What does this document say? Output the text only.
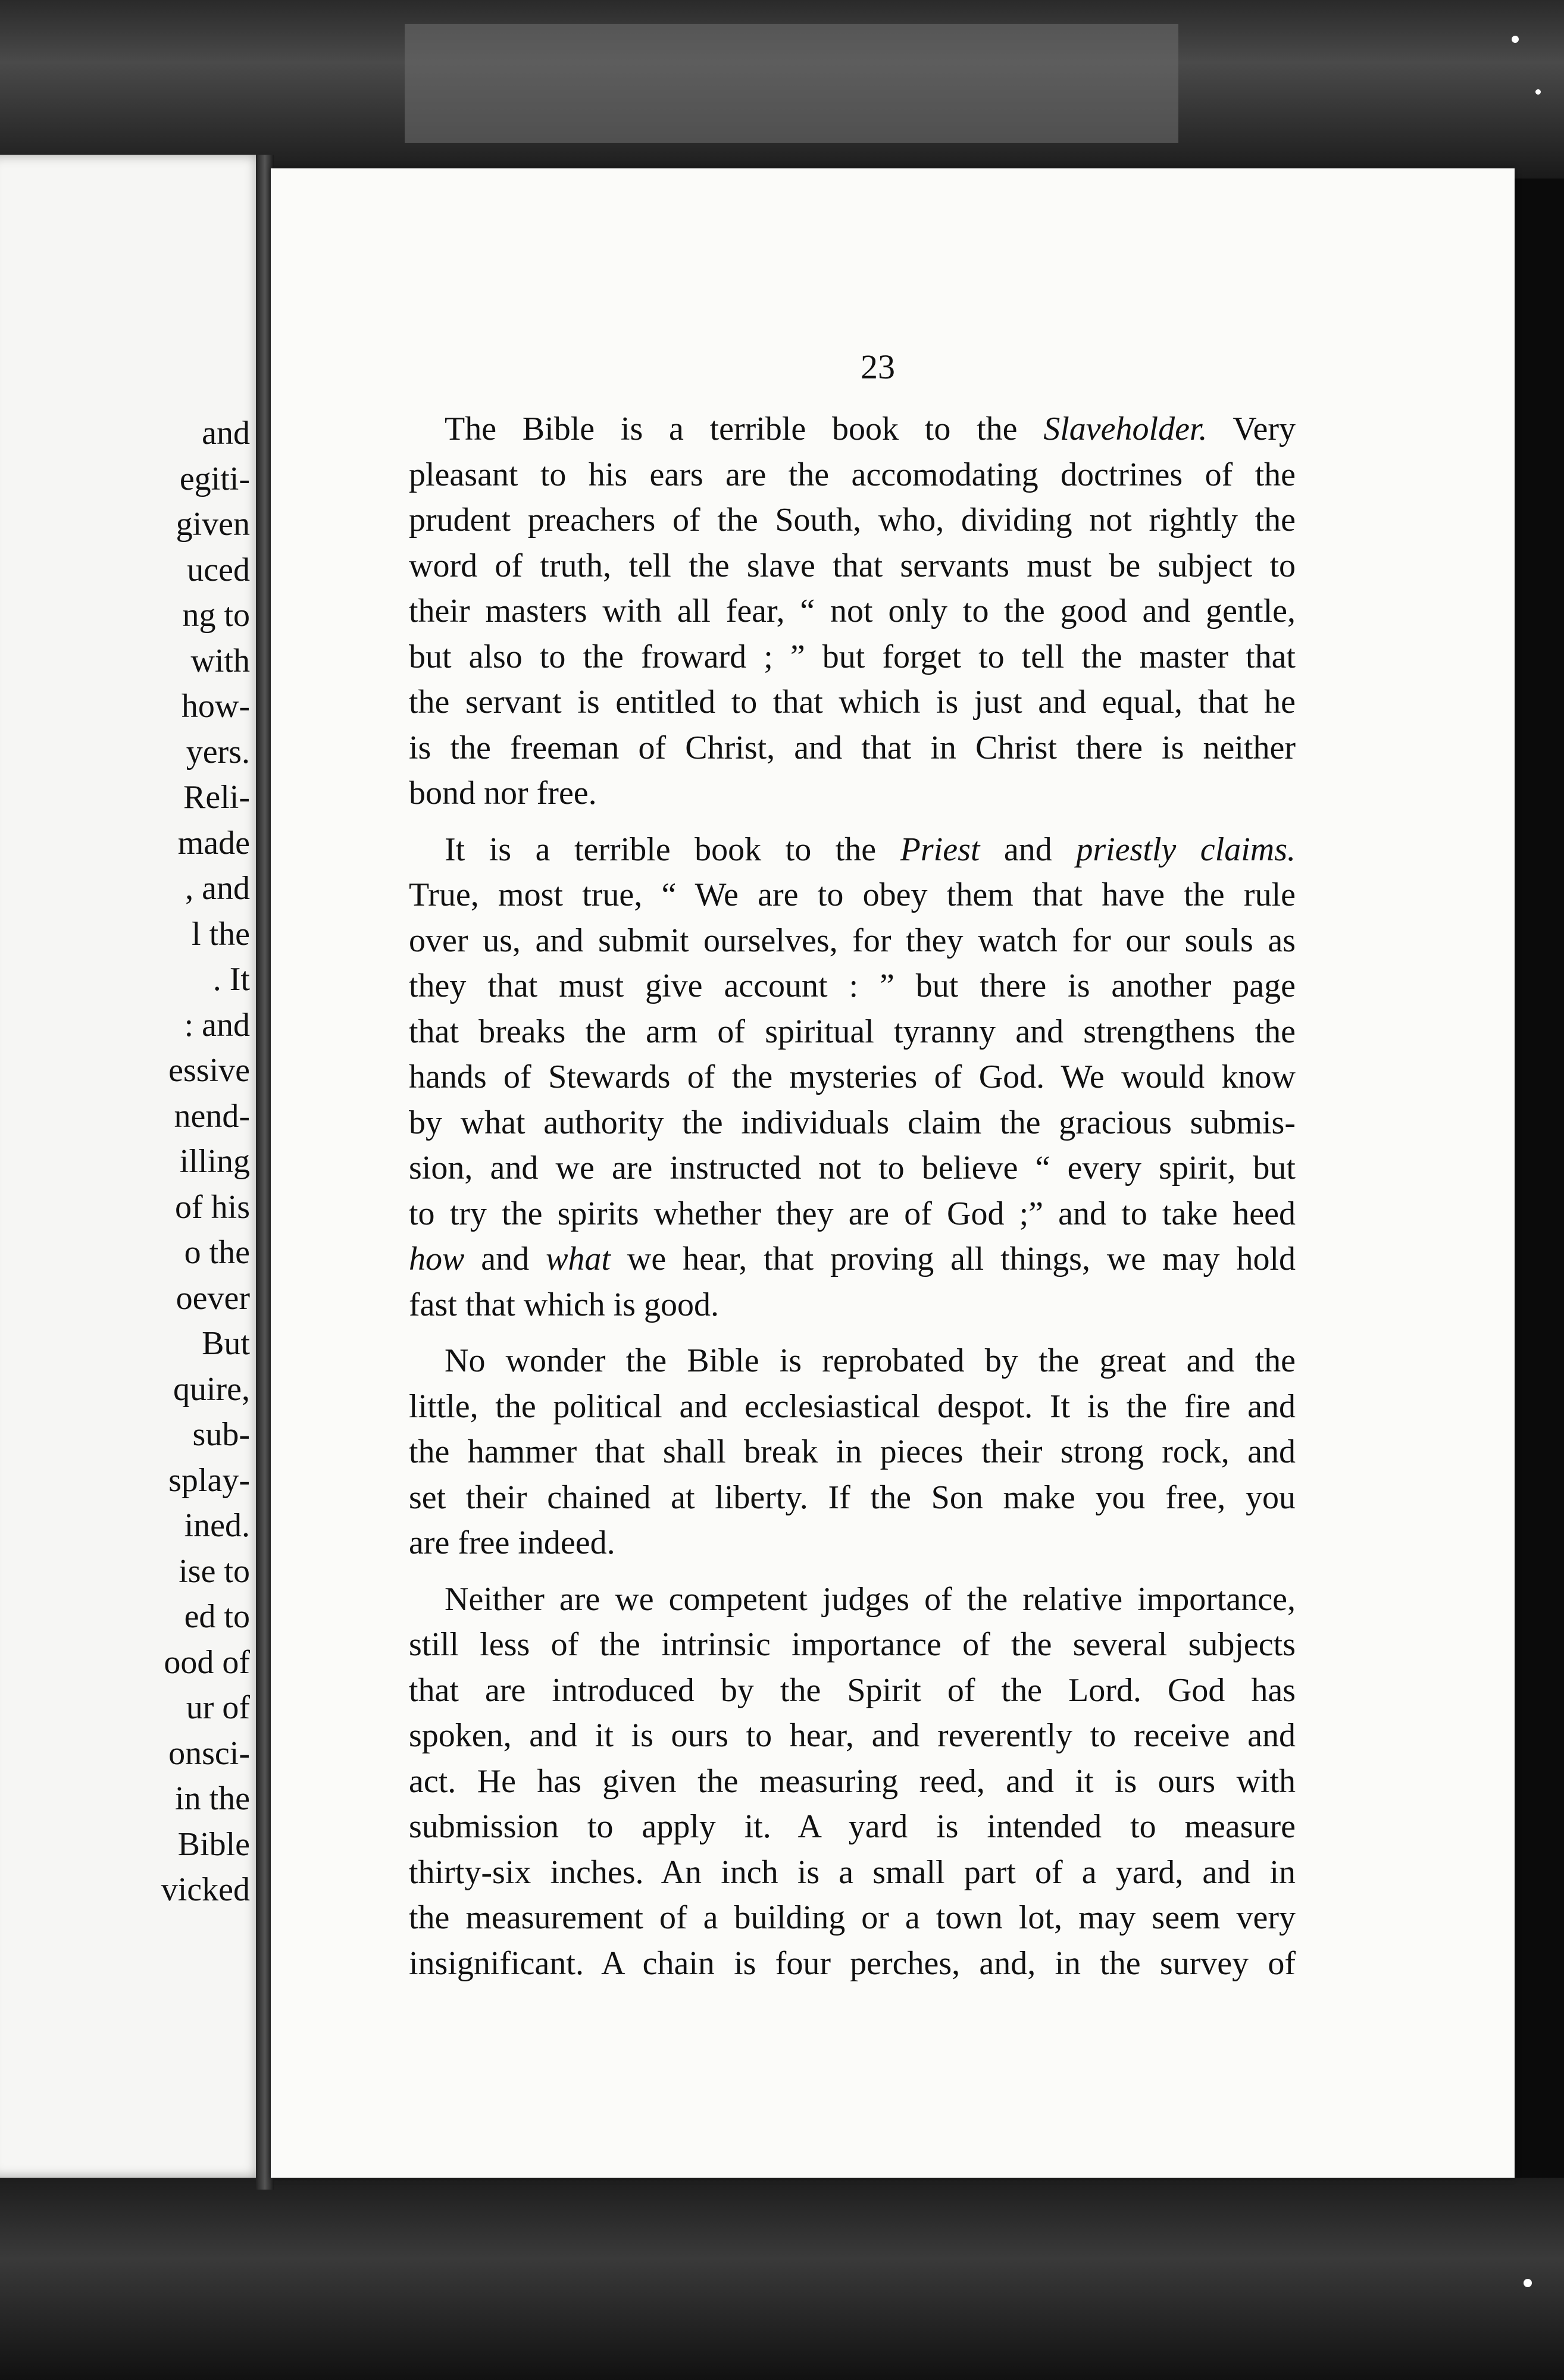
and
egiti-
given
uced
ng to
with
how-
yers.
Reli-
made
, and
l the
. It
: and
essive
nend-
illing
of his
o the
oever
But
quire,
sub-
splay-
ined.
ise to
ed to
ood of
ur of
onsci-
in the
Bible
vicked
23
The Bible is a terrible book to the Slaveholder. Very
pleasant to his ears are the accomodating doctrines of the
prudent preachers of the South, who, dividing not rightly the
word of truth, tell the slave that servants must be subject to
their masters with all fear, “ not only to the good and gentle,
but also to the froward ; ” but forget to tell the master that
the servant is entitled to that which is just and equal, that he
is the freeman of Christ, and that in Christ there is neither
bond nor free.
It is a terrible book to the Priest and priestly claims.
True, most true, “ We are to obey them that have the rule
over us, and submit ourselves, for they watch for our souls as
they that must give account : ” but there is another page
that breaks the arm of spiritual tyranny and strengthens the
hands of Stewards of the mysteries of God. We would know
by what authority the individuals claim the gracious submis-
sion, and we are instructed not to believe “ every spirit, but
to try the spirits whether they are of God ;” and to take heed
how and what we hear, that proving all things, we may hold
fast that which is good.
No wonder the Bible is reprobated by the great and the
little, the political and ecclesiastical despot. It is the fire and
the hammer that shall break in pieces their strong rock, and
set their chained at liberty. If the Son make you free, you
are free indeed.
Neither are we competent judges of the relative importance,
still less of the intrinsic importance of the several subjects
that are introduced by the Spirit of the Lord. God has
spoken, and it is ours to hear, and reverently to receive and
act. He has given the measuring reed, and it is ours with
submission to apply it. A yard is intended to measure
thirty-six inches. An inch is a small part of a yard, and in
the measurement of a building or a town lot, may seem very
insignificant. A chain is four perches, and, in the survey of
